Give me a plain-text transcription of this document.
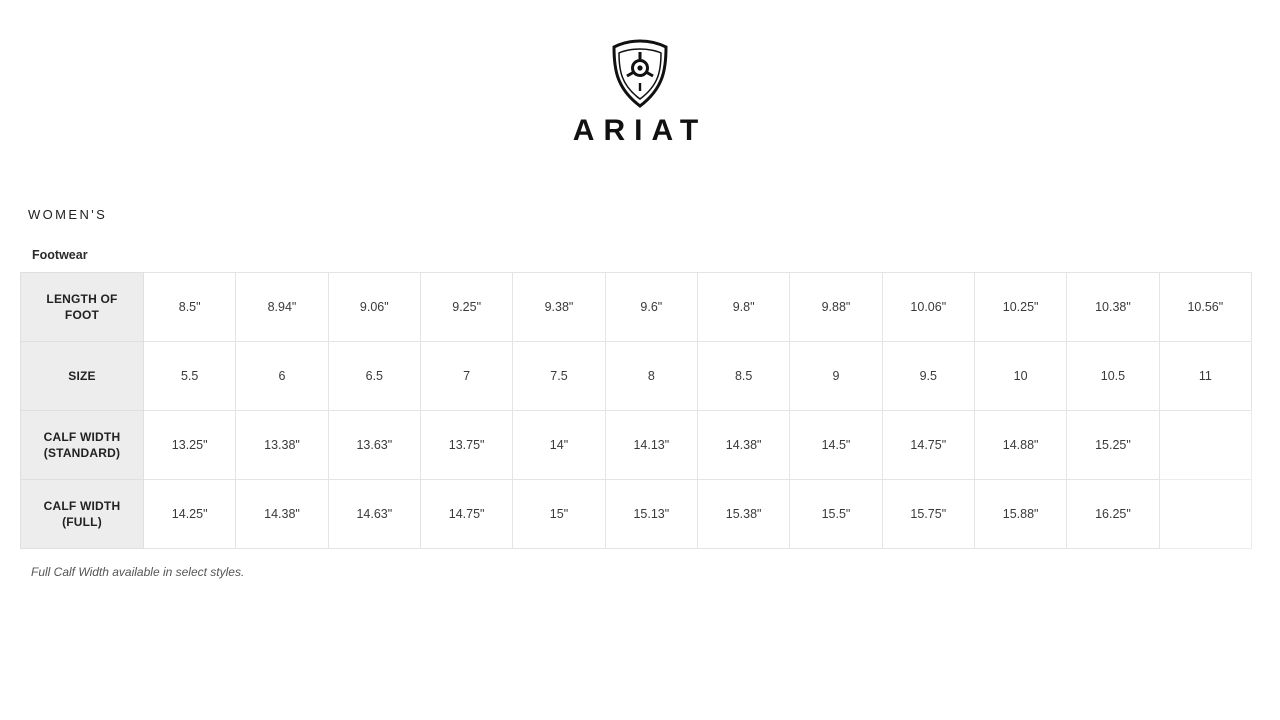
ARIAT
WOMEN'S
Footwear
LENGTH OF
FOOT	8.5"	8.94"	9.06"	9.25"	9.38"	9.6"	9.8"	9.88"	10.06"	10.25"	10.38"	10.56"

SIZE	5.5	6	6.5	7	7.5	8	8.5	9	9.5	10	10.5	11

CALF WIDTH
(STANDARD)	13.25"	13.38"	13.63"	13.75"	14"	14.13"	14.38"	14.5"	14.75"	14.88"	15.25"	

CALF WIDTH
(FULL)	14.25"	14.38"	14.63"	14.75"	15"	15.13"	15.38"	15.5"	15.75"	15.88"	16.25"	
Full Calf Width available in select styles.
